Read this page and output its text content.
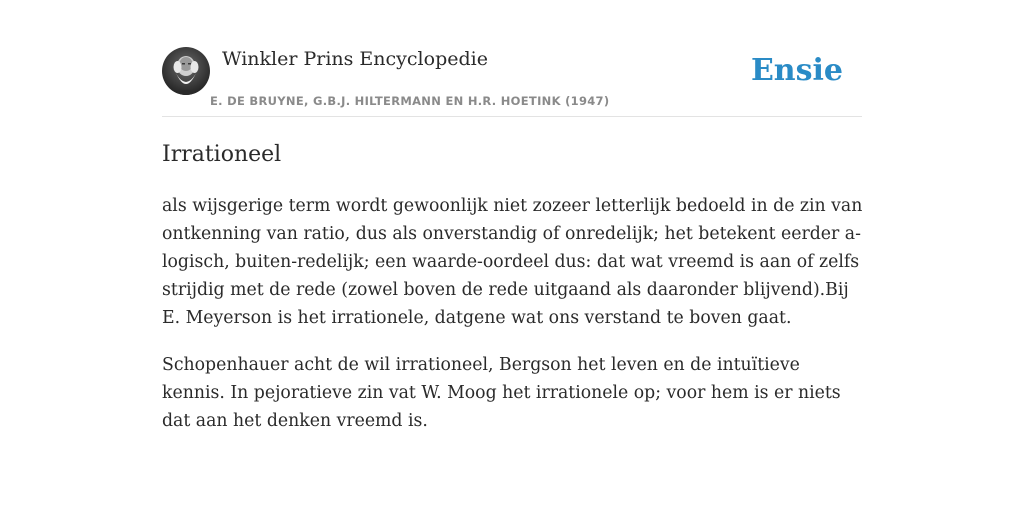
Winkler Prins Encyclopedie
E. DE BRUYNE, G.B.J. HILTERMANN EN H.R. HOETINK (1947)
Ensie
Irrationeel

als wijsgerige term wordt gewoonlijk niet zozeer letterlijk bedoeld in de zin van ontkenning van ratio, dus als onverstandig of onredelijk; het betekent eerder a-logisch, buiten-redelijk; een waarde-oordeel dus: dat wat vreemd is aan of zelfs strijdig met de rede (zowel boven de rede uitgaand als daaronder blijvend).Bij E. Meyerson is het irrationele, datgene wat ons verstand te boven gaat.

Schopenhauer acht de wil irrationeel, Bergson het leven en de intuïtieve kennis. In pejoratieve zin vat W. Moog het irrationele op; voor hem is er niets dat aan het denken vreemd is.
